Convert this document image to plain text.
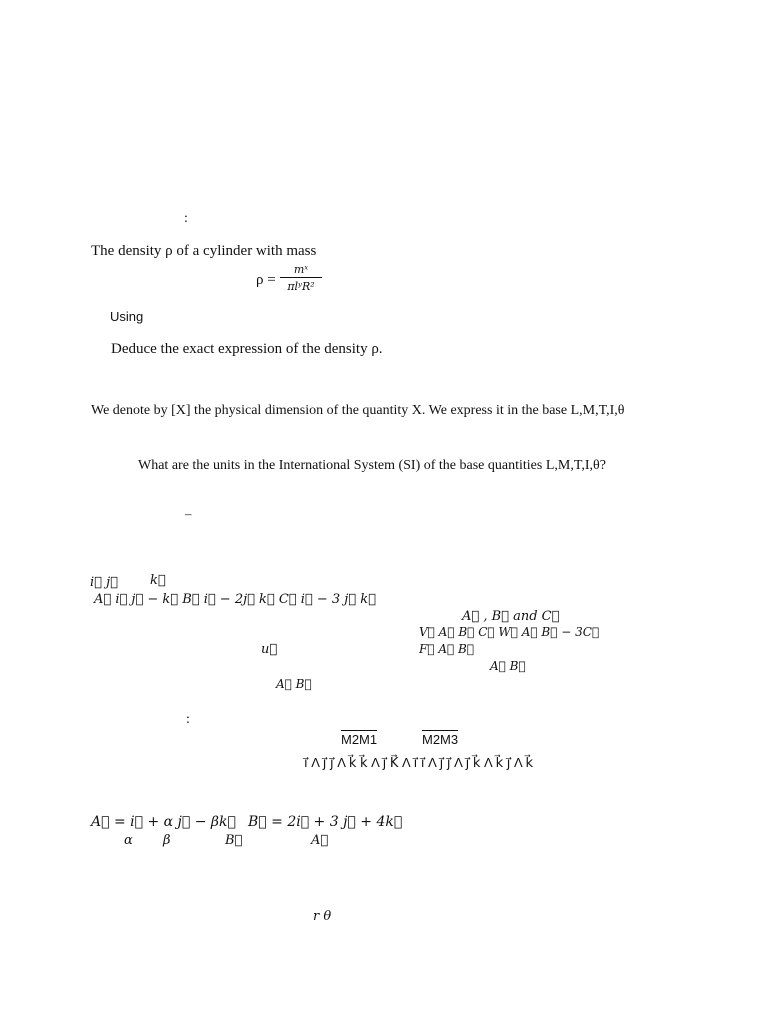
:
The density ρ of a cylinder with mass
ρ =
mˣ
πlʸR²
Using
Deduce the exact expression of the density ρ.
We denote by [X] the physical dimension of the quantity X. We express it in the base L,M,T,I,θ
What are the units in the International System (SI) of the base quantities L,M,T,I,θ?
–
i⃗ j⃗ k⃗
A⃗ i⃗ j⃗ − k⃗ B⃗ i⃗ − 2j⃗ k⃗ C⃗ i⃗ − 3 j⃗ k⃗
A⃗ , B⃗ and C⃗
V⃗ A⃗ B⃗ C⃗ W⃗ A⃗ B⃗ − 3C⃗
u⃗	F⃗ A⃗ B⃗
A⃗ B⃗
A⃗ B⃗
:
M2M1	M2M3
i⃗ Λ j⃗ j⃗ Λ k⃗ k⃗ Λ j⃗ K⃗ Λ i⃗ i⃗ Λ j⃗ j⃗ Λ j⃗ k⃗ Λ k⃗ j⃗ Λ k⃗
A⃗ = i⃗ + α j⃗ − βk⃗ B⃗ = 2i⃗ + 3 j⃗ + 4k⃗
α β	B⃗	A⃗
r θ
